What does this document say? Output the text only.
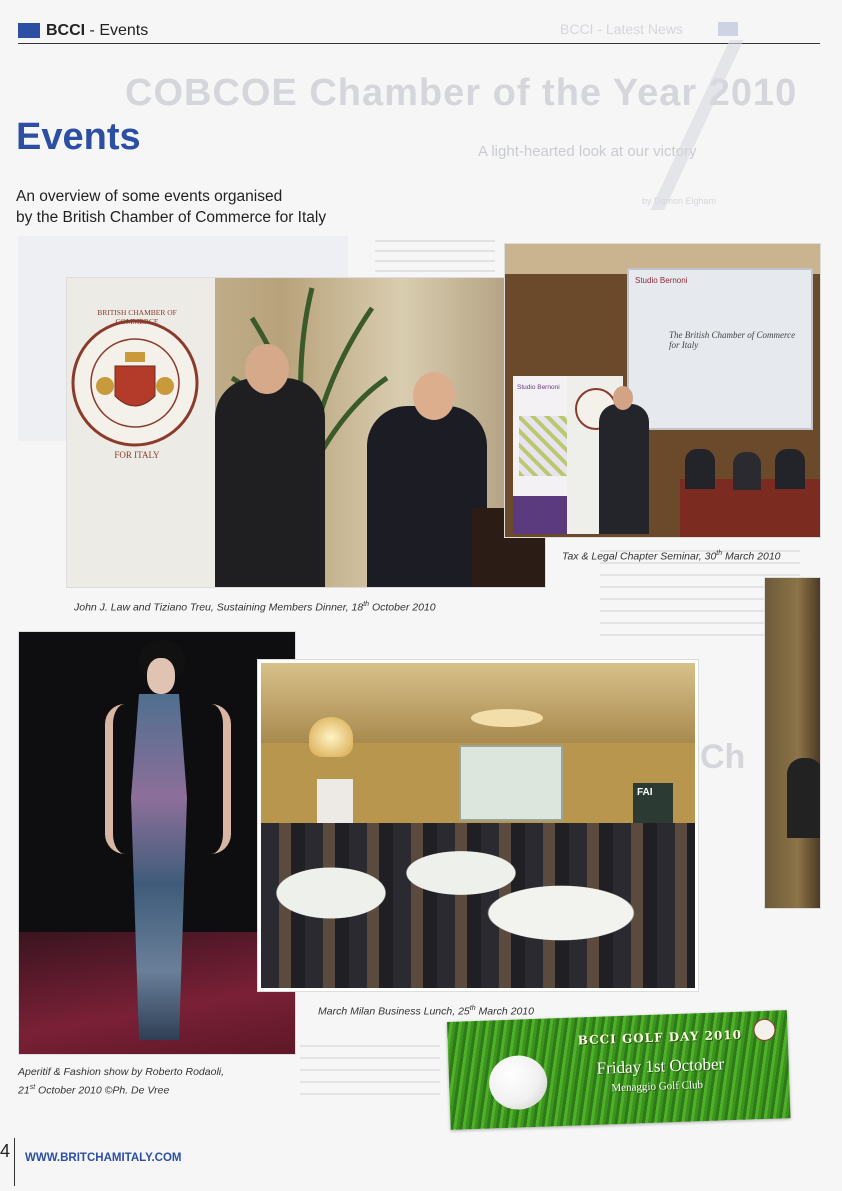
BCCI - Events	BCCI - Latest News
COBCOE Chamber of the Year 2010
A light-hearted look at our victory
by Damon Elgham
Ch
Events
An overview of some events organised
by the British Chamber of Commerce for Italy
BRITISH CHAMBER OF COMMERCE
FOR ITALY
John J. Law and Tiziano Treu, Sustaining Members Dinner, 18th October 2010
Studio Bernoni
The British Chamber of Commerce for Italy
Studio Bernoni
Tax & Legal Chapter Seminar, 30th March 2010
Aperitif & Fashion show by Roberto Rodaoli,
21st October 2010 ©Ph. De Vree
FAI
March Milan Business Lunch, 25th March 2010
BCCI GOLF DAY 2010
Friday 1st October
Menaggio Golf Club
4 WWW.BRITCHAMITALY.COM
